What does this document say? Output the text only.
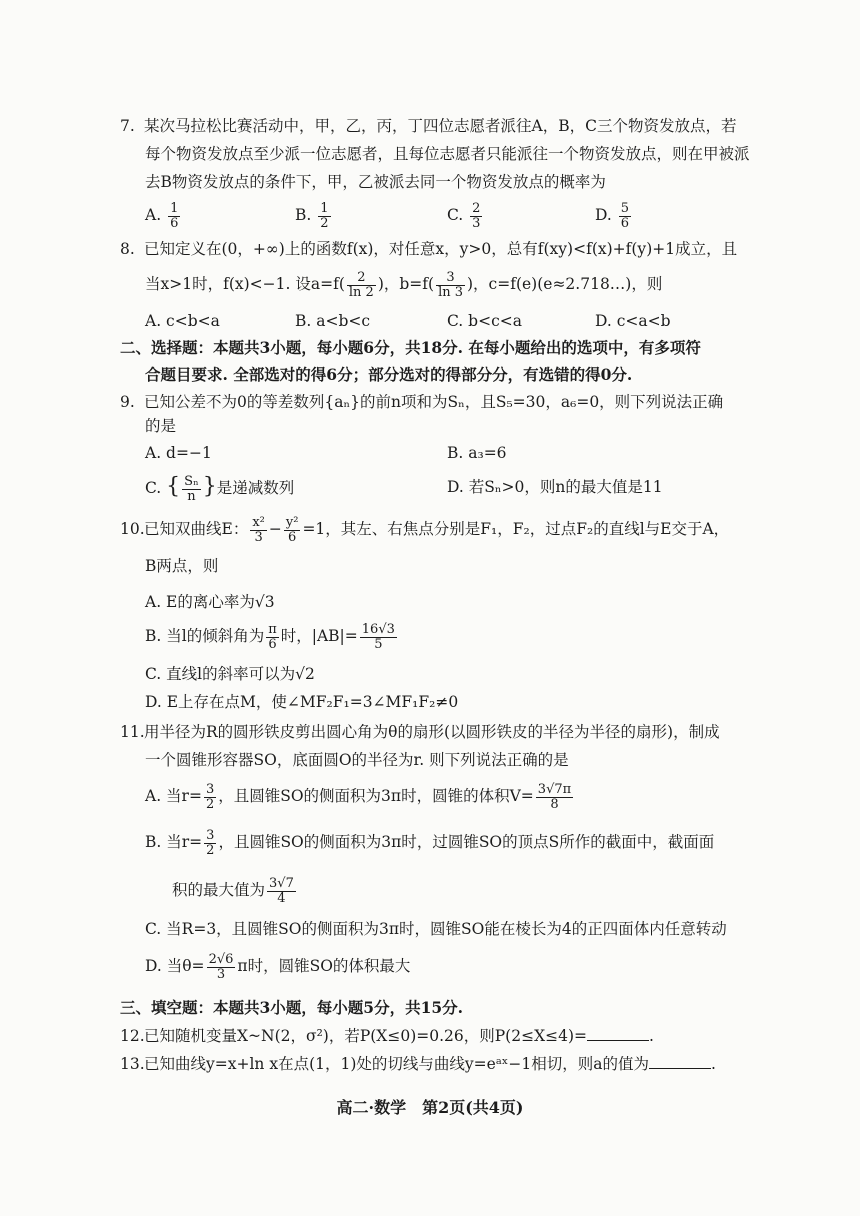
7. 某次马拉松比赛活动中，甲，乙，丙，丁四位志愿者派往A，B，C三个物资发放点，若
每个物资发放点至少派一位志愿者，且每位志愿者只能派往一个物资发放点，则在甲被派
去B物资发放点的条件下，甲，乙被派去同一个物资发放点的概率为
A. $\frac{1}{6}$	B. $\frac{1}{2}$	C. $\frac{2}{3}$	D. $\frac{5}{6}$
8. 已知定义在(0，+∞)上的函数f(x)，对任意x，y>0，总有f(xy)<f(x)+f(y)+1成立，且
当x>1时，f(x)<−1. 设$a=f( \frac{2}{\ln 2}$ )，$b=f( \frac{3}{\ln 3}$ )，c=f(e)(e≈2.718…)，则
A. c<b<a	B. a<b<c	C. b<c<a	D. c<a<b
二、选择题：本题共3小题，每小题6分，共18分. 在每小题给出的选项中，有多项符
合题目要求. 全部选对的得6分；部分选对的得部分分，有选错的得0分.
9. 已知公差不为0的等差数列{aₙ}的前n项和为Sₙ，且S₅=30，a₆=0，则下列说法正确
的是
A. d=−1	B. a₃=6
C. { $\frac{\text{Sₙ}}{n}$ }是递减数列	D. 若Sₙ>0，则n的最大值是11
10.已知双曲线E： $\frac{\text{x²}}{3} - \frac{\text{y²}}{6} =1$，其左、右焦点分别是F₁，F₂，过点F₂的直线l与E交于A，
B两点，则
A. E的离心率为√3
B. 当l的倾斜角为 $\frac{\pi}{6}$ 时，$|AB|= \frac{16√3}{5}$
C. 直线l的斜率可以为√2
D. E上存在点M，使∠MF₂F₁=3∠MF₁F₂≠0
11.用半径为R的圆形铁皮剪出圆心角为θ的扇形(以圆形铁皮的半径为半径的扇形)，制成
一个圆锥形容器SO，底面圆O的半径为r. 则下列说法正确的是
A. 当$r= \frac{3}{2}$ ，且圆锥SO的侧面积为3π时，圆锥的体积$V= \frac{3√7\pi}{8}$
B. 当$r= \frac{3}{2}$ ，且圆锥SO的侧面积为3π时，过圆锥SO的顶点S所作的截面中，截面面
积的最大值为 $\frac{3√7}{4}$
C. 当R=3，且圆锥SO的侧面积为3π时，圆锥SO能在棱长为4的正四面体内任意转动
D. 当$\theta= \frac{2√6}{3}$ π时，圆锥SO的体积最大
三、填空题：本题共3小题，每小题5分，共15分.
12.已知随机变量X~N(2，σ²)，若P(X≤0)=0.26，则P(2≤X≤4)=	.
13.已知曲线y=x+ln x在点(1，1)处的切线与曲线y=eᵃˣ−1相切，则a的值为	.
高二·数学　第2页(共4页)
